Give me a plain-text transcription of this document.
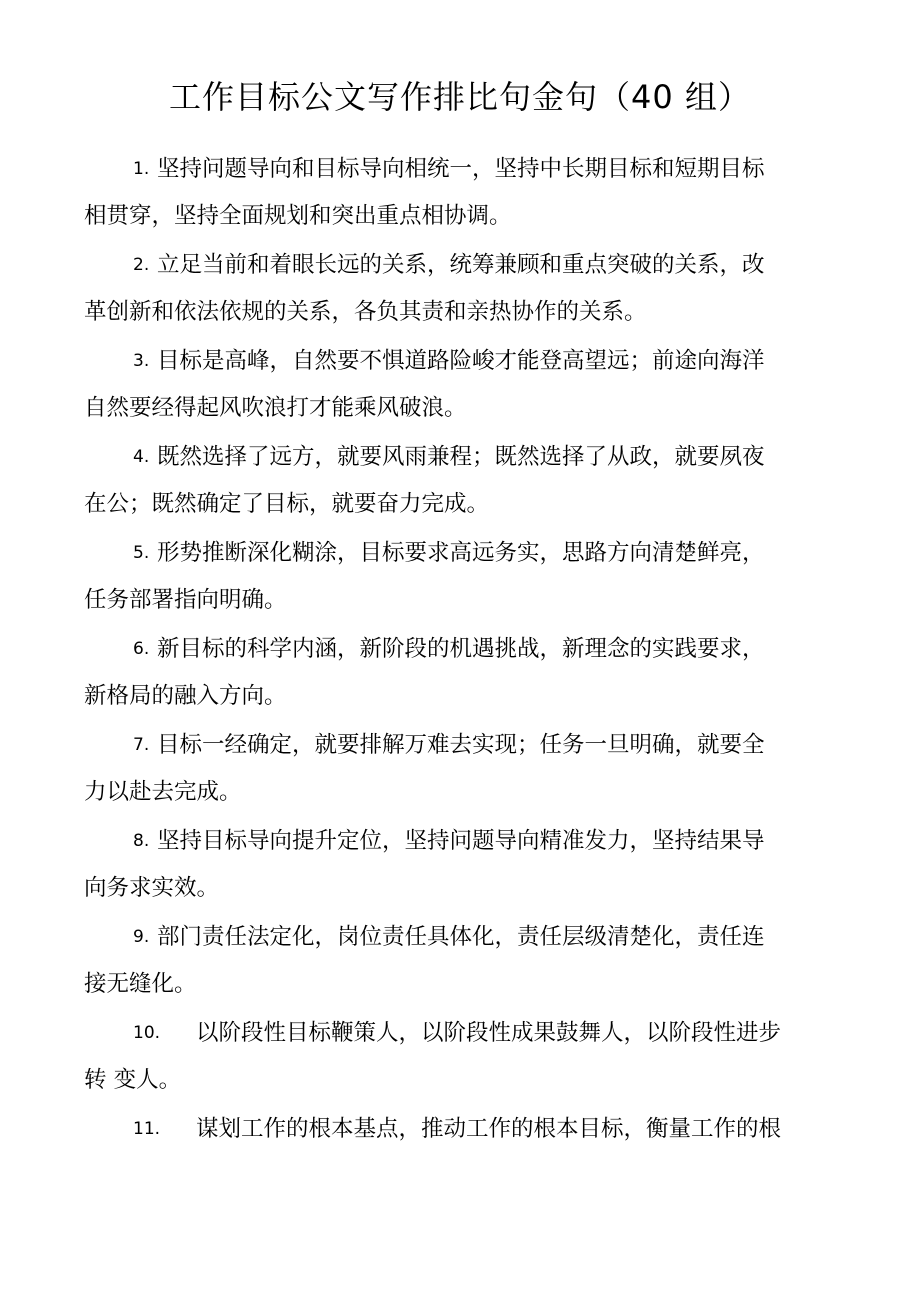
工作目标公文写作排比句金句（40 组）
1. 坚持问题导向和目标导向相统一，坚持中长期目标和短期目标
相贯穿，坚持全面规划和突出重点相协调。
2. 立足当前和着眼长远的关系，统筹兼顾和重点突破的关系，改
革创新和依法依规的关系，各负其责和亲热协作的关系。
3. 目标是高峰，自然要不惧道路险峻才能登高望远；前途向海洋
自然要经得起风吹浪打才能乘风破浪。
4. 既然选择了远方，就要风雨兼程；既然选择了从政，就要夙夜
在公；既然确定了目标，就要奋力完成。
5. 形势推断深化糊涂，目标要求高远务实，思路方向清楚鲜亮，
任务部署指向明确。
6. 新目标的科学内涵，新阶段的机遇挑战，新理念的实践要求，
新格局的融入方向。
7. 目标一经确定，就要排解万难去实现；任务一旦明确，就要全
力以赴去完成。
8. 坚持目标导向提升定位，坚持问题导向精准发力，坚持结果导
向务求实效。
9. 部门责任法定化，岗位责任具体化，责任层级清楚化，责任连
接无缝化。
10. 以阶段性目标鞭策人，以阶段性成果鼓舞人，以阶段性进步
转 变人。
11. 谋划工作的根本基点，推动工作的根本目标，衡量工作的根
